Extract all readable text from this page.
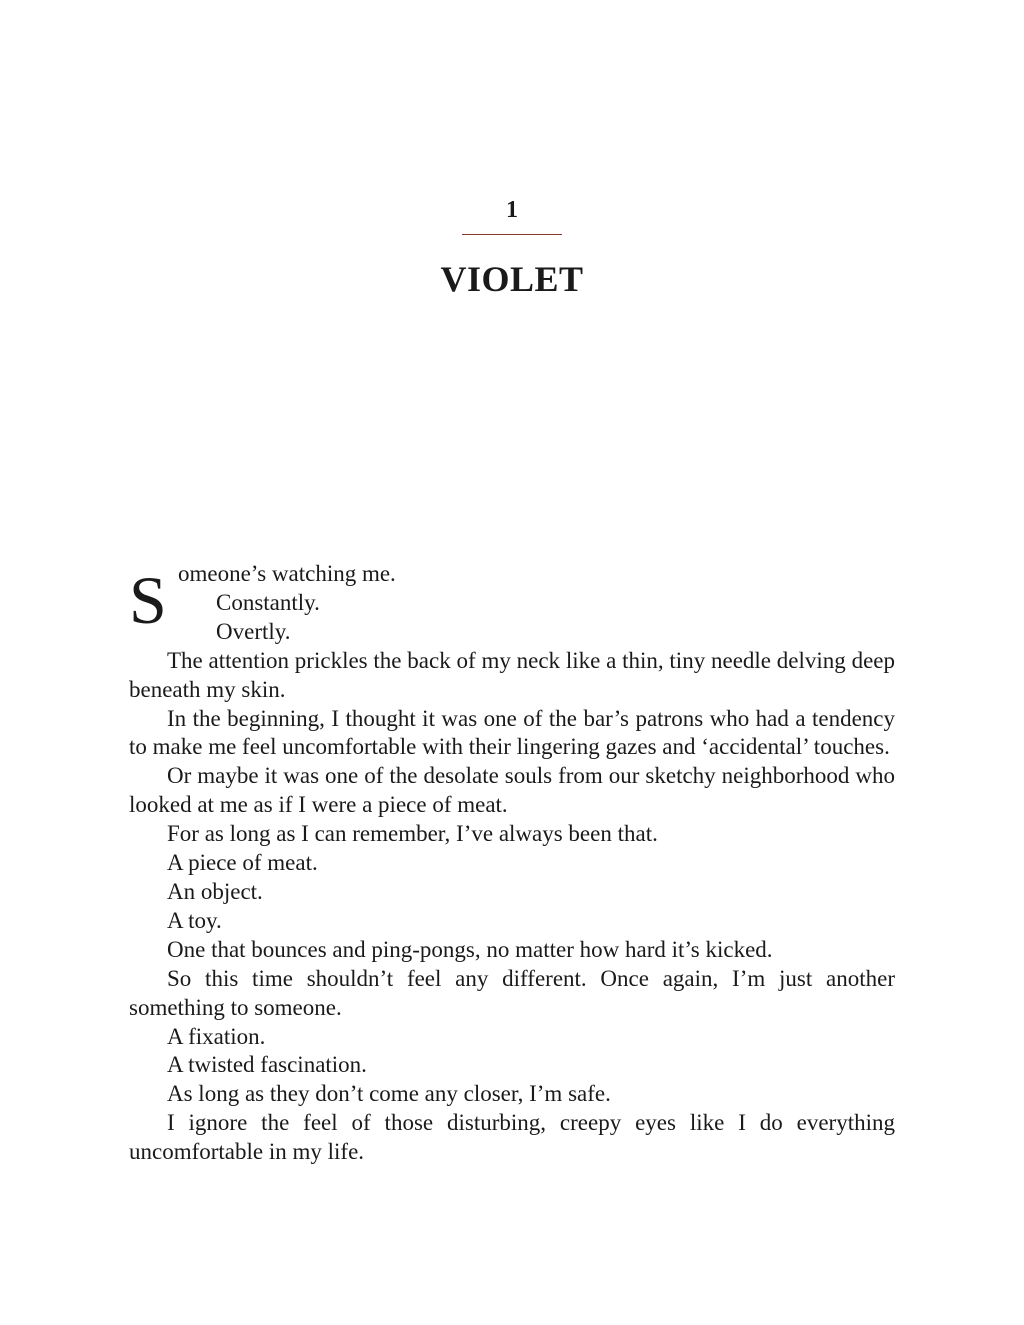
1
VIOLET
S omeone’s watching me.

Constantly.

Overtly.

The attention prickles the back of my neck like a thin, tiny needle delving deep beneath my skin.

In the beginning, I thought it was one of the bar’s patrons who had a tendency to make me feel uncomfortable with their lingering gazes and ‘accidental’ touches.

Or maybe it was one of the desolate souls from our sketchy neighborhood who looked at me as if I were a piece of meat.

For as long as I can remember, I’ve always been that.

A piece of meat.

An object.

A toy.

One that bounces and ping-pongs, no matter how hard it’s kicked.

So this time shouldn’t feel any different. Once again, I’m just another something to someone.

A fixation.

A twisted fascination.

As long as they don’t come any closer, I’m safe.

I ignore the feel of those disturbing, creepy eyes like I do everything uncomfortable in my life.
